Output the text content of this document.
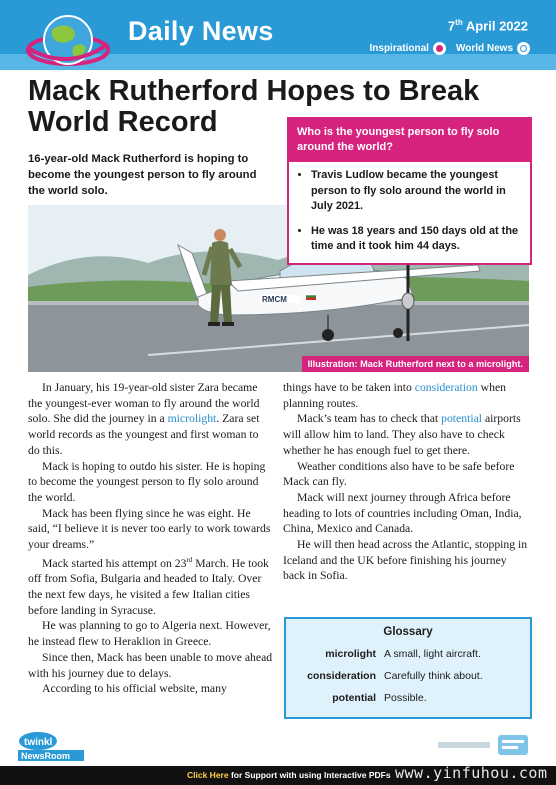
Daily News	7th April 2022
Inspirational	World News
Mack Rutherford Hopes to Break World Record
16-year-old Mack Rutherford is hoping to become the youngest person to fly around the world solo.
Who is the youngest person to fly solo around the world?
• Travis Ludlow became the youngest person to fly solo around the world in July 2021.
• He was 18 years and 150 days old at the time and it took him 44 days.
RMCM
Illustration: Mack Rutherford next to a microlight.

In January, his 19-year-old sister Zara became the youngest-ever woman to fly around the world solo. She did the journey in a microlight. Zara set world records as the youngest and first woman to do this.

Mack is hoping to outdo his sister. He is hoping to become the youngest person to fly solo around the world.

Mack has been flying since he was eight. He said, “I believe it is never too early to work towards your dreams.”

Mack started his attempt on 23rd March. He took off from Sofia, Bulgaria and headed to Italy. Over the next few days, he visited a few Italian cities before landing in Syracuse.

He was planning to go to Algeria next. However, he instead flew to Heraklion in Greece.

Since then, Mack has been unable to move ahead with his journey due to delays.

According to his official website, many

things have to be taken into consideration when planning routes.

Mack’s team has to check that potential airports will allow him to land. They also have to check whether he has enough fuel to get there.

Weather conditions also have to be safe before Mack can fly.

Mack will next journey through Africa before heading to lots of countries including Oman, India, China, Mexico and Canada.

He will then head across the Atlantic, stopping in Iceland and the UK before finishing his journey back in Sofia.

Glossary
microlight A small, light aircraft.
consideration Carefully think about.
potential Possible.
twinkl
NewsRoom
Click Here for Support with using Interactive PDFs www.yinfuhou.com
